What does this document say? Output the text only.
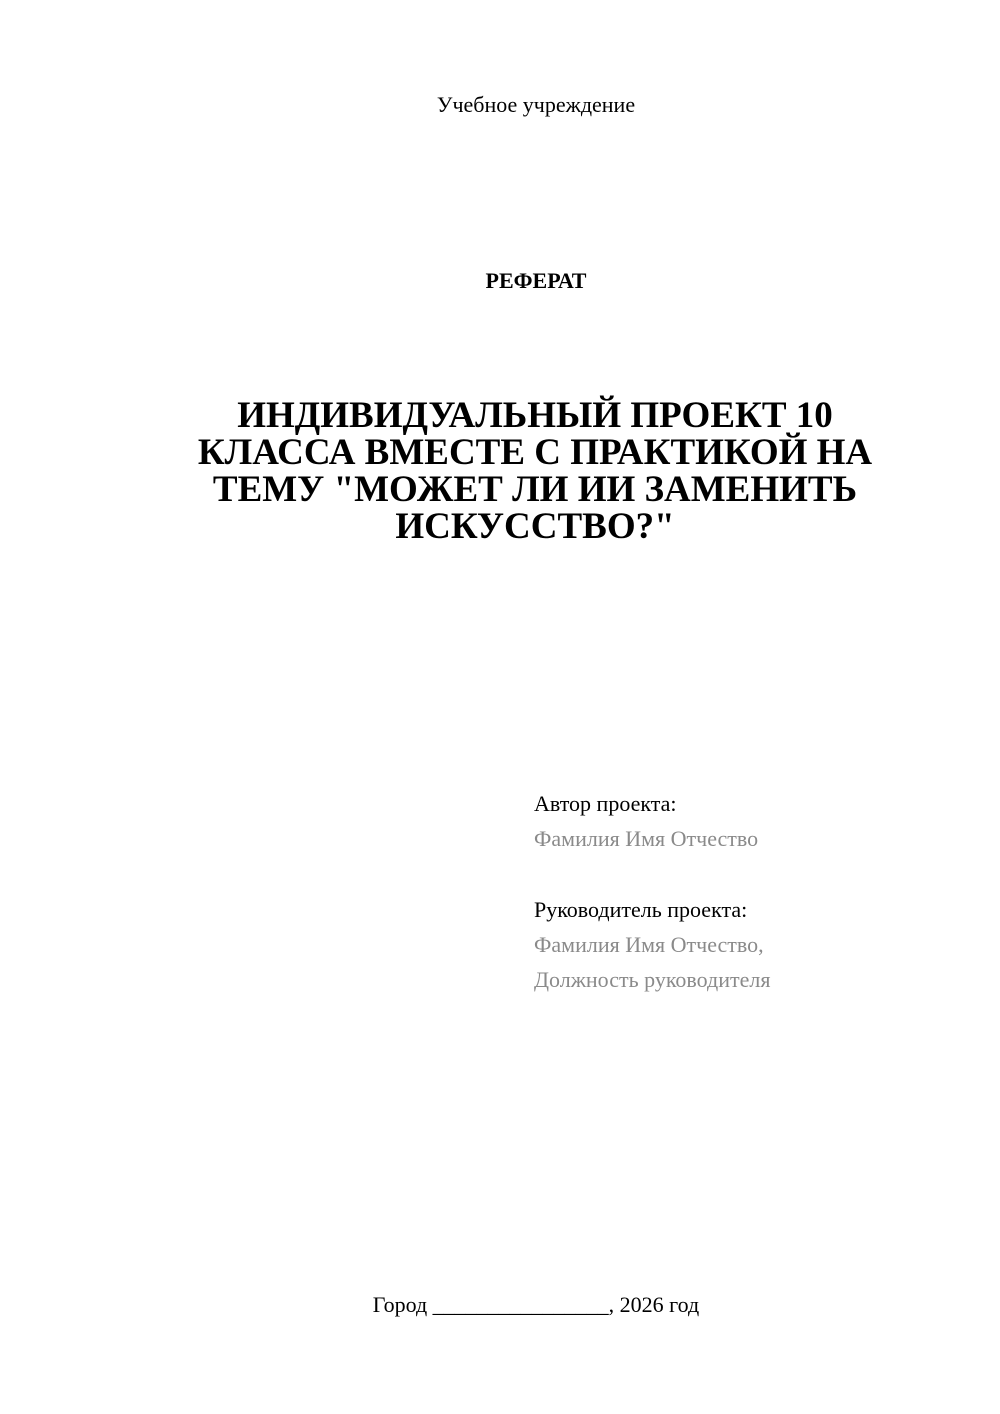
Учебное учреждение
РЕФЕРАТ
ИНДИВИДУАЛЬНЫЙ ПРОЕКТ 10
КЛАССА ВМЕСТЕ С ПРАКТИКОЙ НА
ТЕМУ "МОЖЕТ ЛИ ИИ ЗАМЕНИТЬ
ИСКУССТВО?"
Автор проекта:
Фамилия Имя Отчество
Руководитель проекта:
Фамилия Имя Отчество,
Должность руководителя
Город ________________, 2026 год
